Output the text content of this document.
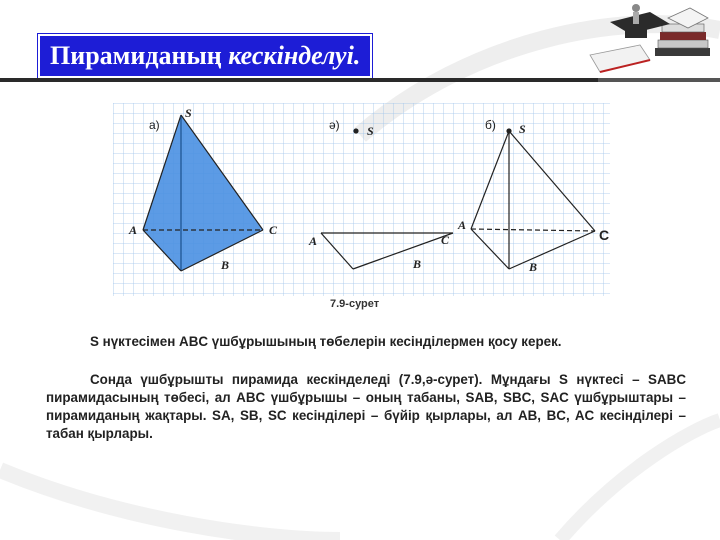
Пирамиданың кескінделуі.
а)
S
A	C
B
ә) S
A	C
B
б) S
A
C
B
7.9-сурет
S нүктесімен ABC үшбұрышының төбелерін кесінділермен қосу керек.
Сонда үшбұрышты пирамида кескінделеді (7.9,ә-сурет). Мұндағы S нүктесі – SABC пирамидасының төбесі, ал ABC үшбұрышы – оның табаны, SAB, SBC, SAC үшбұрыштары – пирамиданың жақтары. SA, SB, SC кесінділері – бүйір қырлары, ал AB, BC, AC кесінділері – табан қырлары.
